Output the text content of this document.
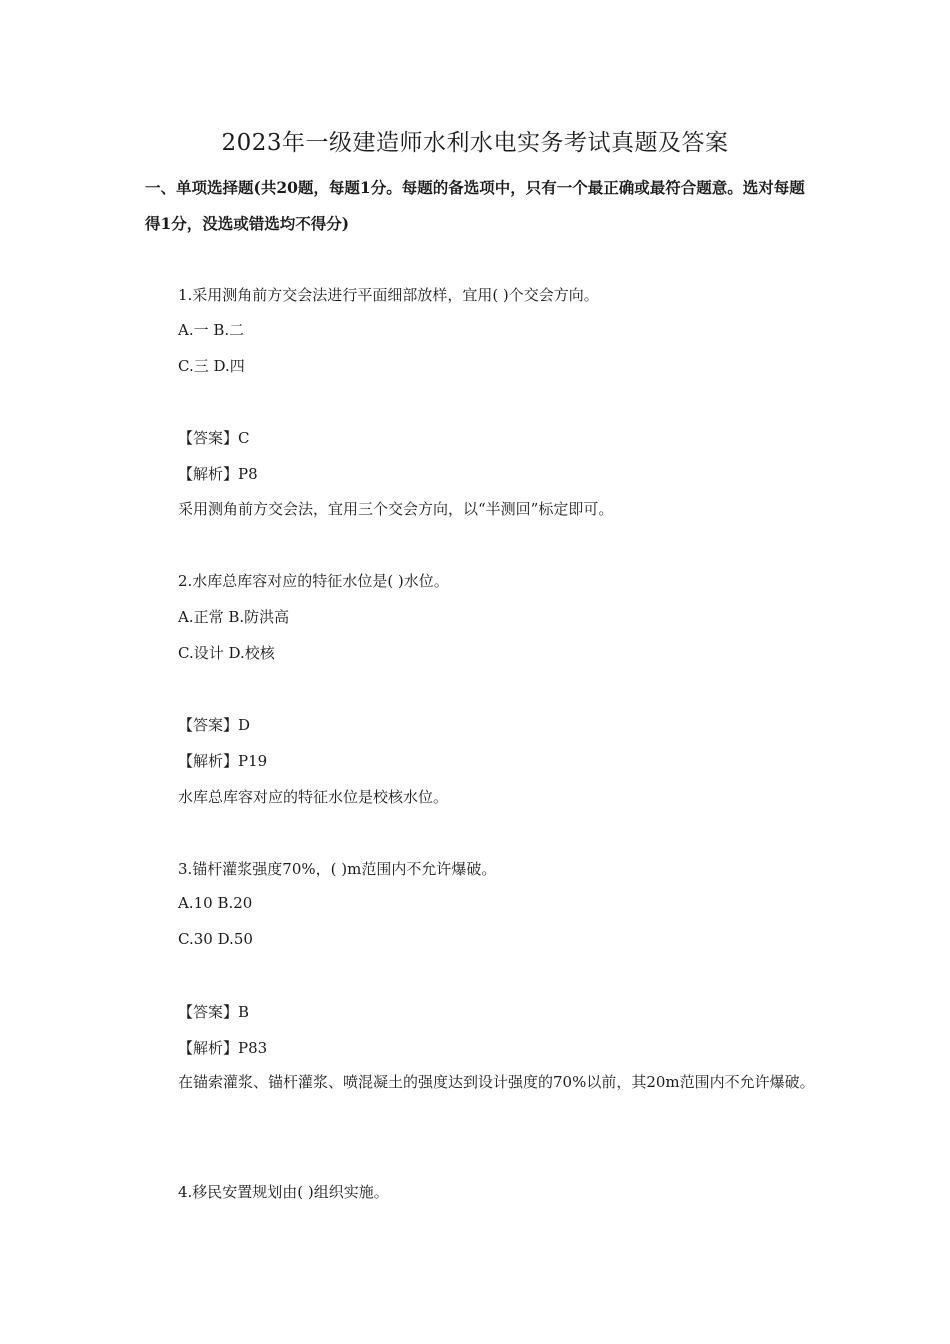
2023年一级建造师水利水电实务考试真题及答案
一、单项选择题(共20题，每题1分。每题的备选项中，只有一个最正确或最符合题意。选对每题得1分，没选或错选均不得分)
1.采用测角前方交会法进行平面细部放样，宜用( )个交会方向。
A.一 B.二
C.三 D.四
【答案】C
【解析】P8
采用测角前方交会法，宜用三个交会方向，以“半测回”标定即可。
2.水库总库容对应的特征水位是( )水位。
A.正常 B.防洪高
C.设计 D.校核
【答案】D
【解析】P19
水库总库容对应的特征水位是校核水位。
3.锚杆灌浆强度70%，( )m范围内不允许爆破。
A.10 B.20
C.30 D.50
【答案】B
【解析】P83
在锚索灌浆、锚杆灌浆、喷混凝土的强度达到设计强度的70%以前，其20m范围内不允许爆破。
4.移民安置规划由( )组织实施。
